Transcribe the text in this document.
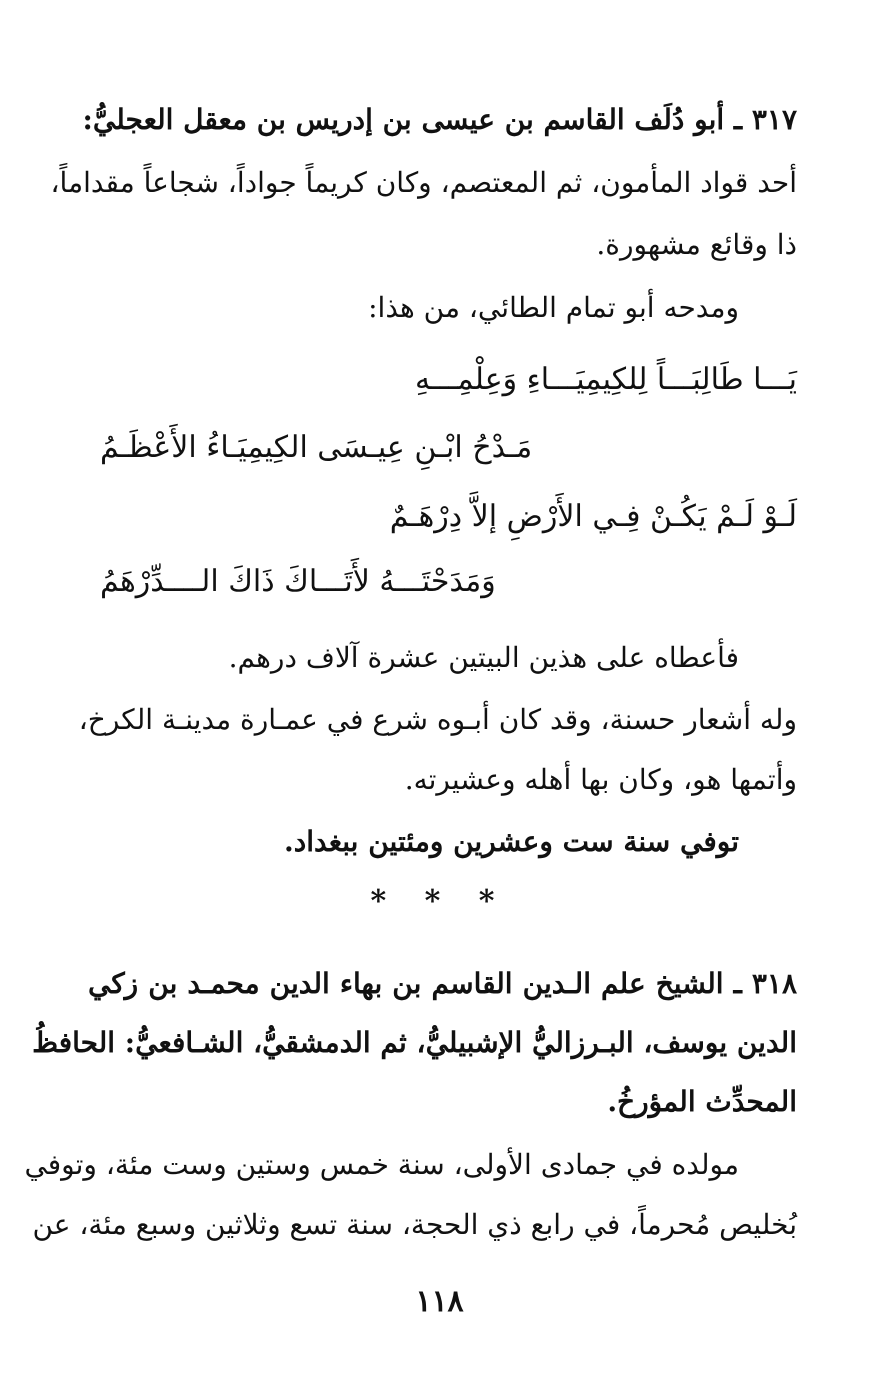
٣١٧ ـ أبو دُلَف القاسم بن عيسى بن إدريس بن معقل العجليُّ:
أحد قواد المأمون، ثم المعتصم، وكان كريماً جواداً، شجاعاً مقداماً،
ذا وقائع مشهورة.
ومدحه أبو تمام الطائي، من هذا:
يَـــا طَالِبَـــاً لِلكِيمِيَـــاءِ وَعِلْمِـــهِ
مَـدْحُ ابْـنِ عِيـسَى الكِيمِيَـاءُ الأَعْظَـمُ
لَـوْ لَـمْ يَكُـنْ فِـي الأَرْضِ إلاَّ دِرْهَـمٌ
وَمَدَحْتَـــهُ لأَتَـــاكَ ذَاكَ الــــدِّرْهَمُ
فأعطاه على هذين البيتين عشرة آلاف درهم.
وله أشعار حسنة، وقد كان أبـوه شرع في عمـارة مدينـة الكرخ،
وأتمها هو، وكان بها أهله وعشيرته.
توفي سنة ست وعشرين ومئتين ببغداد.
* * *
٣١٨ ـ الشيخ علم الـدين القاسم بن بهاء الدين محمـد بن زكي
الدين يوسف، البـرزاليُّ الإشبيليُّ، ثم الدمشقيُّ، الشـافعيُّ: الحافظُ
المحدِّث المؤرخُ.
مولده في جمادى الأولى، سنة خمس وستين وست مئة، وتوفي
بُخليص مُحرماً، في رابع ذي الحجة، سنة تسع وثلاثين وسبع مئة، عن
١١٨
